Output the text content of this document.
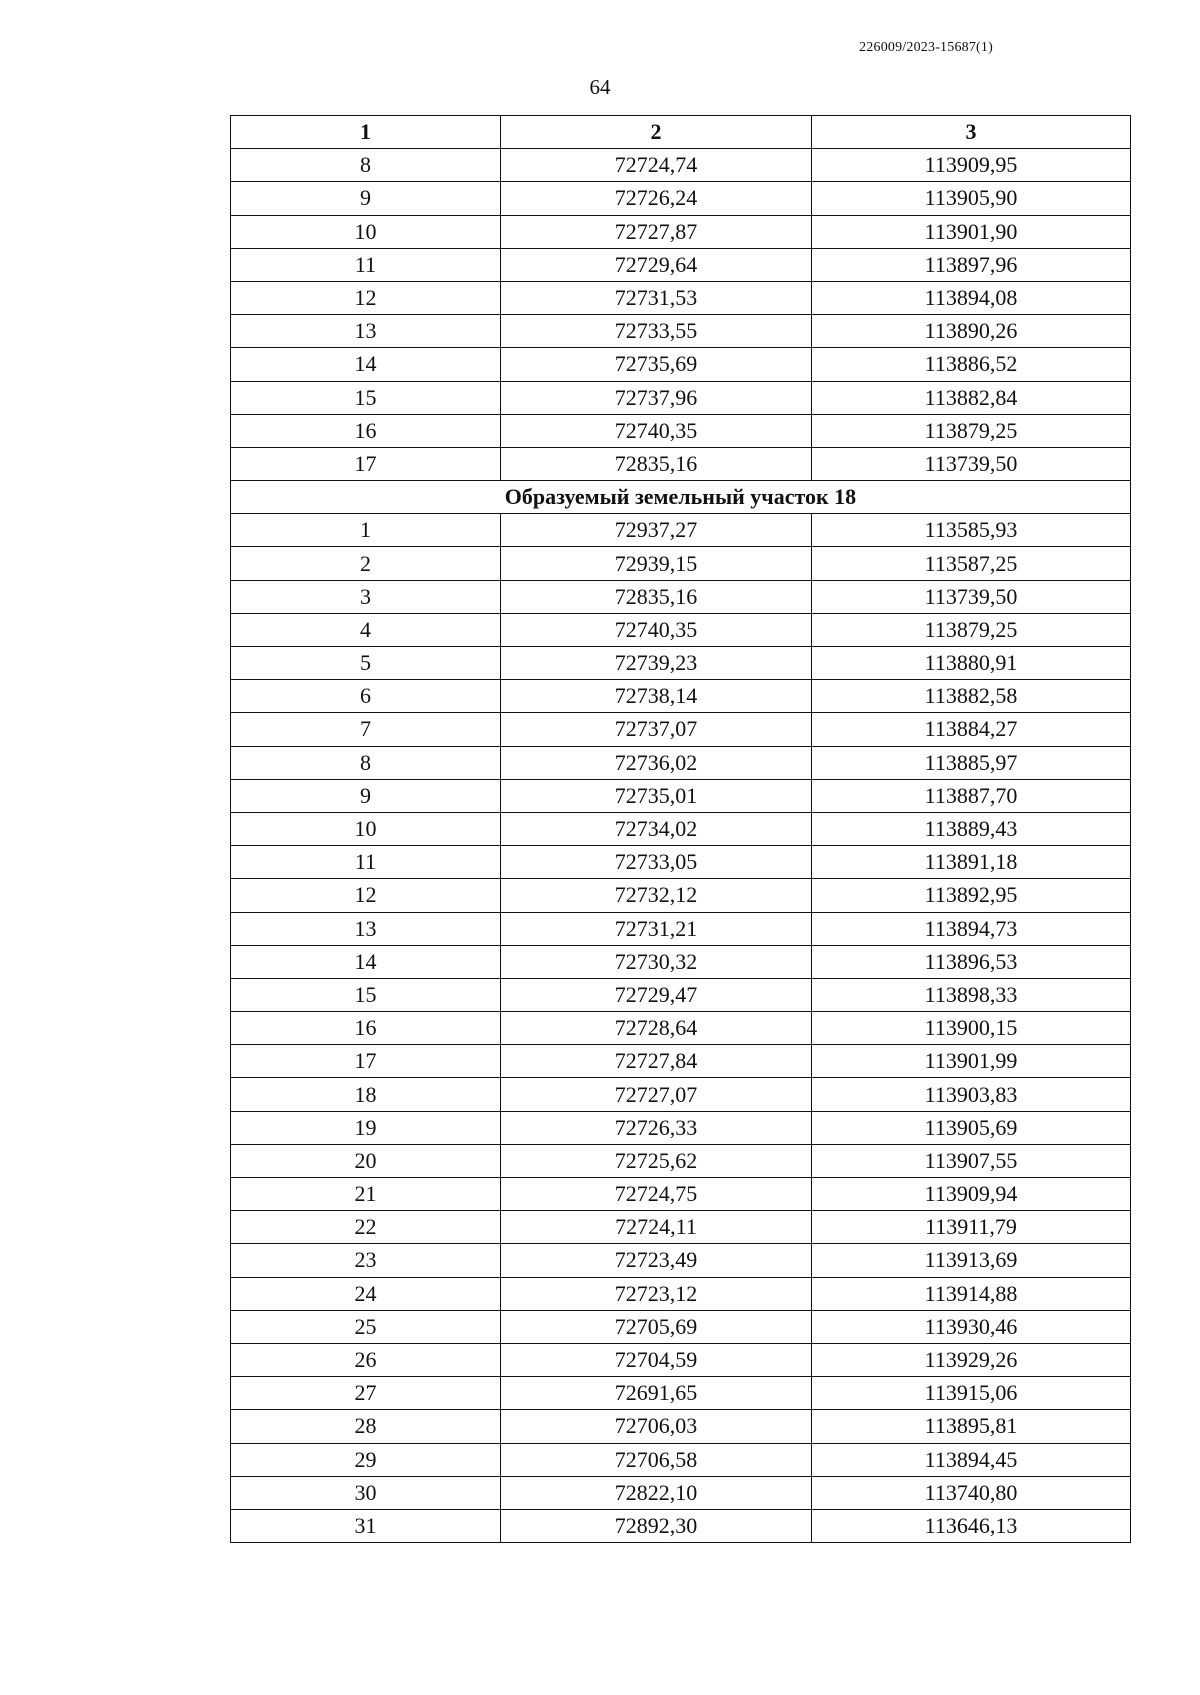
226009/2023-15687(1)
64
1	2	3
8	72724,74	113909,95
9	72726,24	113905,90
10	72727,87	113901,90
11	72729,64	113897,96
12	72731,53	113894,08
13	72733,55	113890,26
14	72735,69	113886,52
15	72737,96	113882,84
16	72740,35	113879,25
17	72835,16	113739,50
Образуемый земельный участок 18		
1	72937,27	113585,93
2	72939,15	113587,25
3	72835,16	113739,50
4	72740,35	113879,25
5	72739,23	113880,91
6	72738,14	113882,58
7	72737,07	113884,27
8	72736,02	113885,97
9	72735,01	113887,70
10	72734,02	113889,43
11	72733,05	113891,18
12	72732,12	113892,95
13	72731,21	113894,73
14	72730,32	113896,53
15	72729,47	113898,33
16	72728,64	113900,15
17	72727,84	113901,99
18	72727,07	113903,83
19	72726,33	113905,69
20	72725,62	113907,55
21	72724,75	113909,94
22	72724,11	113911,79
23	72723,49	113913,69
24	72723,12	113914,88
25	72705,69	113930,46
26	72704,59	113929,26
27	72691,65	113915,06
28	72706,03	113895,81
29	72706,58	113894,45
30	72822,10	113740,80
31	72892,30	113646,13
